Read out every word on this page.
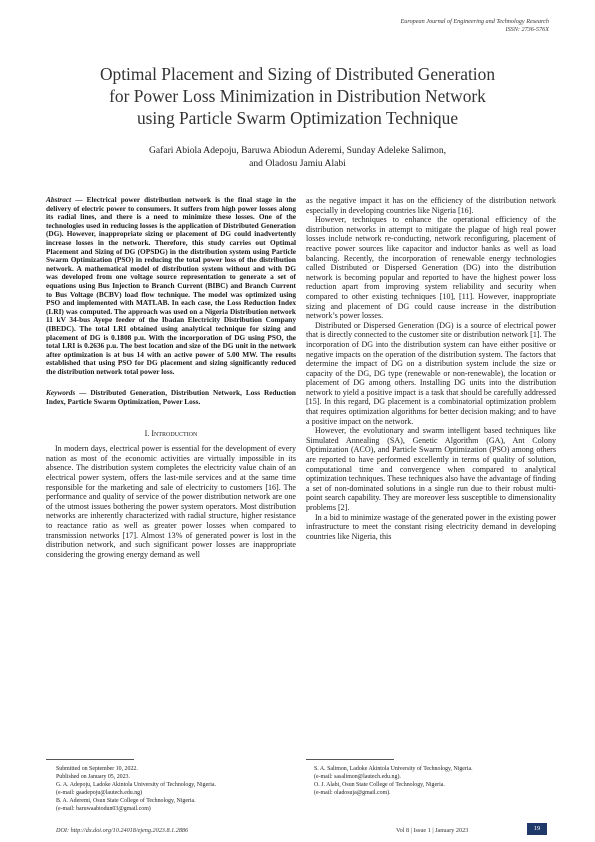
European Journal of Engineering and Technology Research
ISSN: 2736-576X
Optimal Placement and Sizing of Distributed Generation
for Power Loss Minimization in Distribution Network
using Particle Swarm Optimization Technique
Gafari Abiola Adepoju, Baruwa Abiodun Aderemi, Sunday Adeleke Salimon,
and Oladosu Jamiu Alabi

Abstract — Electrical power distribution network is the final stage in the delivery of electric power to consumers. It suffers from high power losses along its radial lines, and there is a need to minimize these losses. One of the technologies used in reducing losses is the application of Distributed Generation (DG). However, inappropriate sizing or placement of DG could inadvertently increase losses in the network. Therefore, this study carries out Optimal Placement and Sizing of DG (OPSDG) in the distribution system using Particle Swarm Optimization (PSO) in reducing the total power loss of the distribution network. A mathematical model of distribution system without and with DG was developed from one voltage source representation to generate a set of equations using Bus Injection to Branch Current (BIBC) and Branch Current to Bus Voltage (BCBV) load flow technique. The model was optimized using PSO and implemented with MATLAB. In each case, the Loss Reduction Index (LRI) was computed. The approach was used on a Nigeria Distribution network 11 kV 34-bus Ayepe feeder of the Ibadan Electricity Distribution Company (IBEDC). The total LRI obtained using analytical technique for sizing and placement of DG is 0.1808 p.u. With the incorporation of DG using PSO, the total LRI is 0.2636 p.u. The best location and size of the DG unit in the network after optimization is at bus 14 with an active power of 5.00 MW. The results established that using PSO for DG placement and sizing significantly reduced the distribution network total power loss.

Keywords — Distributed Generation, Distribution Network, Loss Reduction Index, Particle Swarm Optimization, Power Loss.

I. Introduction

In modern days, electrical power is essential for the development of every nation as most of the economic activities are virtually impossible in its absence. The distribution system completes the electricity value chain of an electrical power system, offers the last-mile services and at the same time responsible for the marketing and sale of electricity to customers [16]. The performance and quality of service of the power distribution network are one of the utmost issues bothering the power system operators. Most distribution networks are inherently characterized with radial structure, higher resistance to reactance ratio as well as greater power losses when compared to transmission networks [17]. Almost 13% of generated power is lost in the distribution network, and such significant power losses are inappropriate considering the growing energy demand as well

as the negative impact it has on the efficiency of the distribution network especially in developing countries like Nigeria [16].

However, techniques to enhance the operational efficiency of the distribution networks in attempt to mitigate the plague of high real power losses include network re-conducting, network reconfiguring, placement of reactive power sources like capacitor and inductor banks as well as load balancing. Recently, the incorporation of renewable energy technologies called Distributed or Dispersed Generation (DG) into the distribution network is becoming popular and reported to have the highest power loss reduction apart from improving system reliability and security when compared to other existing techniques [10], [11]. However, inappropriate sizing and placement of DG could cause increase in the distribution network’s power losses.

Distributed or Dispersed Generation (DG) is a source of electrical power that is directly connected to the customer site or distribution network [1]. The incorporation of DG into the distribution system can have either positive or negative impacts on the operation of the distribution system. The factors that determine the impact of DG on a distribution system include the size or capacity of the DG, DG type (renewable or non-renewable), the location or placement of DG among others. Installing DG units into the distribution network to yield a positive impact is a task that should be carefully addressed [15]. In this regard, DG placement is a combinatorial optimization problem that requires optimization algorithms for better decision making; and to have a positive impact on the network.

However, the evolutionary and swarm intelligent based techniques like Simulated Annealing (SA), Genetic Algorithm (GA), Ant Colony Optimization (ACO), and Particle Swarm Optimization (PSO) among others are reported to have performed excellently in terms of quality of solution, computational time and convergence when compared to analytical optimization techniques. These techniques also have the advantage of finding a set of non-dominated solutions in a single run due to their robust multi-point search capability. They are moreover less susceptible to dimensionality problems [2].

In a bid to minimize wastage of the generated power in the existing power infrastructure to meet the constant rising electricity demand in developing countries like Nigeria, this

Submitted on September 10, 2022.
Published on January 05, 2023.
G. A. Adepoju, Ladoke Akintola University of Technology, Nigeria.
(e-mail: gaadepoju@lautech.edu.ng)
B. A. Aderemi, Osun State College of Technology, Nigeria.
(e-mail: baruwaabiodun03@gmail.com)
S. A. Salimon, Ladoke Akintola University of Technology, Nigeria.
(e-mail: sasalimon@lautech.edu.ng).
O. J. Alabi, Osun State College of Technology, Nigeria.
(e-mail: oladosuja@gmail.com).
DOI: http://dx.doi.org/10.24018/ejeng.2023.8.1.2886	Vol 8 | Issue 1 | January 2023	19
